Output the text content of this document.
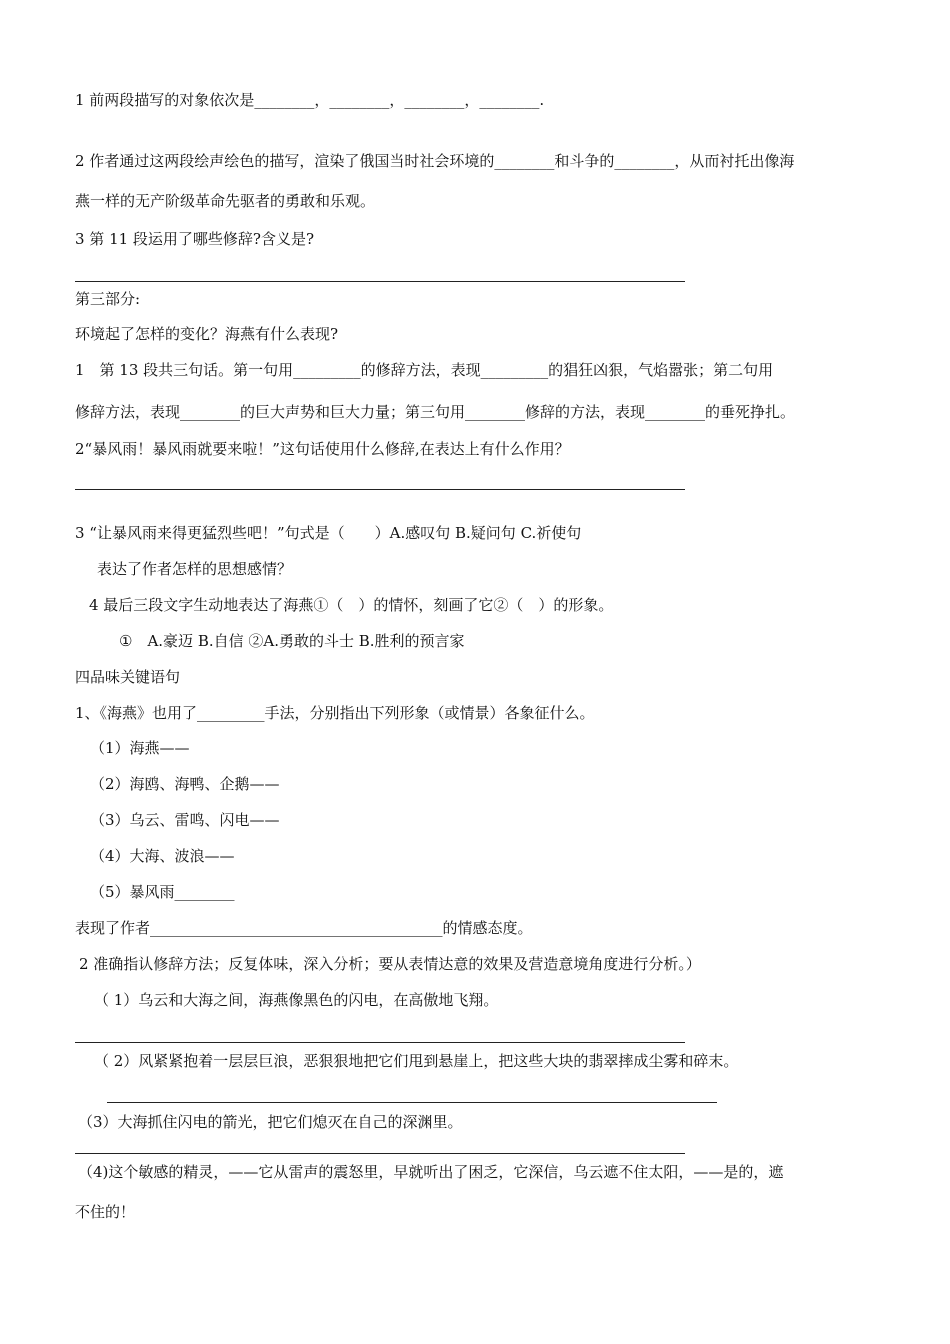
1 前两段描写的对象依次是________，________，________，________.
2 作者通过这两段绘声绘色的描写，渲染了俄国当时社会环境的________和斗争的________，从而衬托出像海
燕一样的无产阶级革命先驱者的勇敢和乐观。
3 第 11 段运用了哪些修辞?含义是?
第三部分:
环境起了怎样的变化？海燕有什么表现?
1　第 13 段共三句话。第一句用_________的修辞方法，表现_________的猖狂凶狠，气焰嚣张；第二句用
修辞方法，表现________的巨大声势和巨大力量；第三句用________修辞的方法，表现________的垂死挣扎。
2“暴风雨！暴风雨就要来啦！”这句话使用什么修辞,在表达上有什么作用？
3 “让暴风雨来得更猛烈些吧！”句式是（　　）A.感叹句 B.疑问句 C.祈使句
表达了作者怎样的思想感情？
4 最后三段文字生动地表达了海燕①（　）的情怀，刻画了它②（　）的形象。
①　A.豪迈 B.自信 ②A.勇敢的斗士 B.胜利的预言家
四品味关键语句
1、《海燕》也用了_________手法，分别指出下列形象（或情景）各象征什么。
（1）海燕——
（2）海鸥、海鸭、企鹅——
（3）乌云、雷鸣、闪电——
（4）大海、波浪——
（5）暴风雨________
表现了作者_______________________________________的情感态度。
2 准确指认修辞方法；反复体味，深入分析；要从表情达意的效果及营造意境角度进行分析。）
（ 1）乌云和大海之间，海燕像黑色的闪电，在高傲地飞翔。
（ 2）风紧紧抱着一层层巨浪，恶狠狠地把它们甩到悬崖上，把这些大块的翡翠摔成尘雾和碎末。
（3）大海抓住闪电的箭光，把它们熄灭在自己的深渊里。
（4)这个敏感的精灵，——它从雷声的震怒里，早就听出了困乏，它深信，乌云遮不住太阳，——是的，遮
不住的！
